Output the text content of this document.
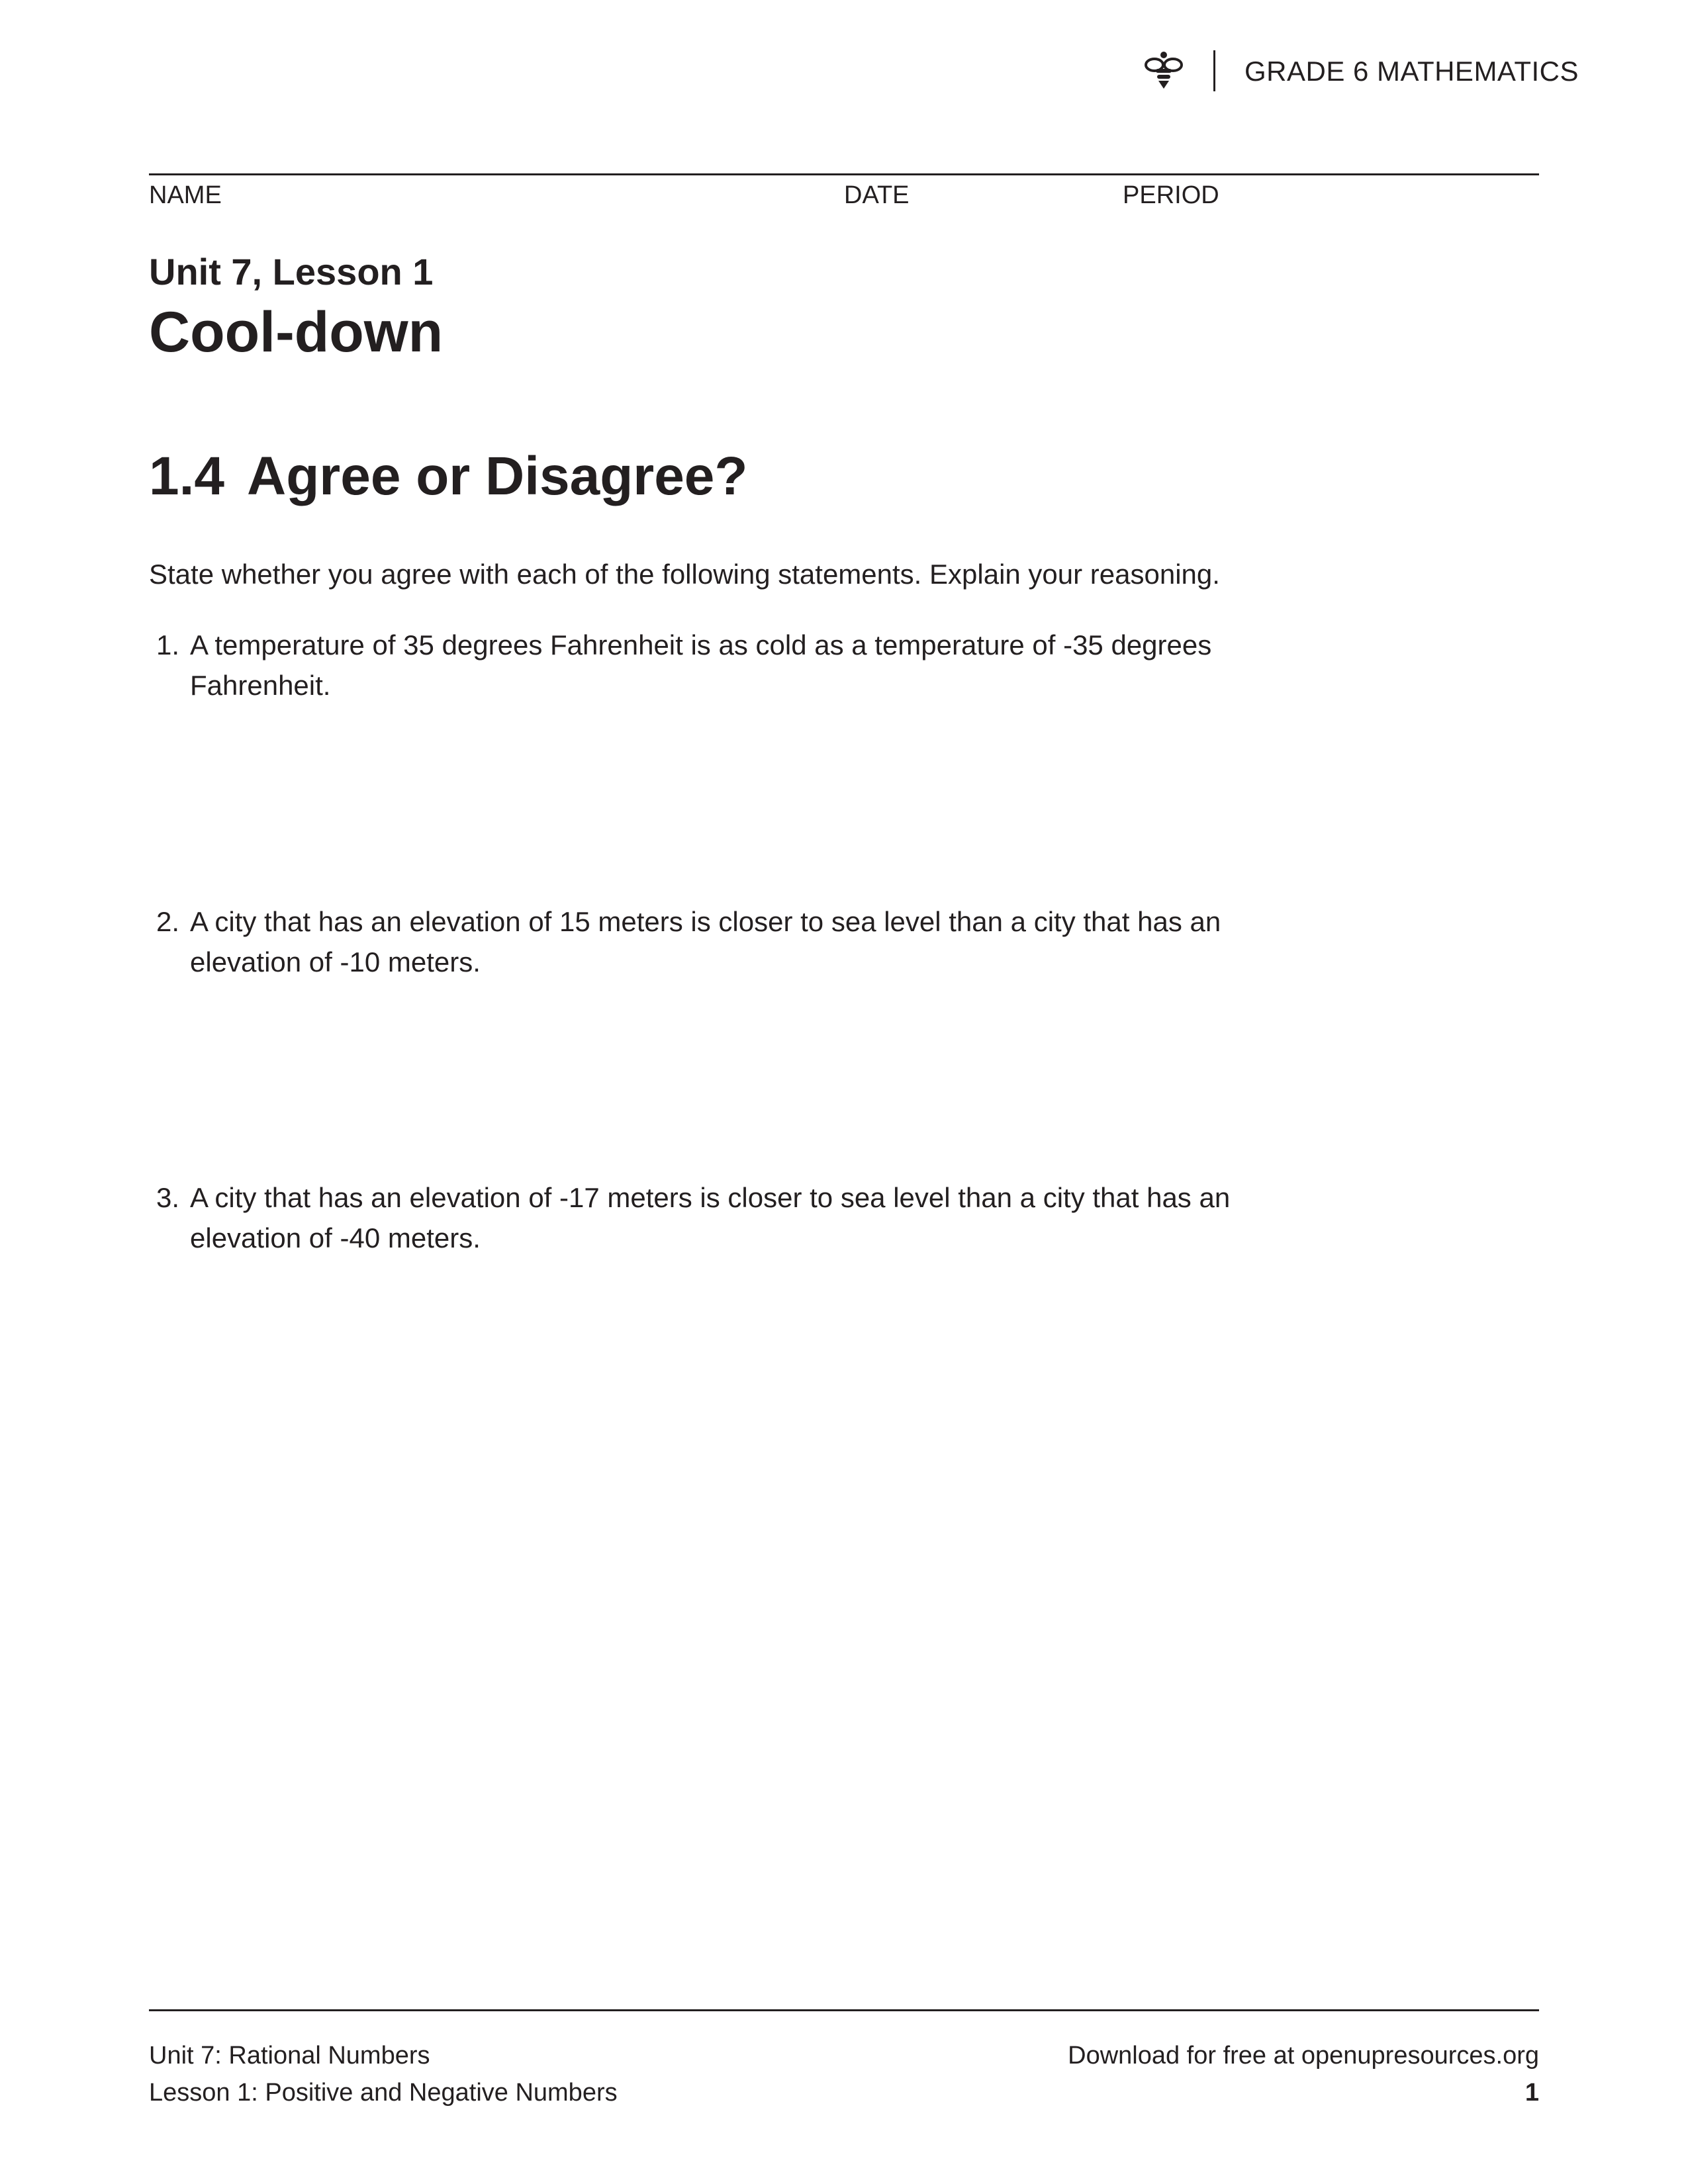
GRADE 6 MATHEMATICS
NAME	DATE	PERIOD
Unit 7, Lesson 1
Cool-down
1.4 Agree or Disagree?
State whether you agree with each of the following statements. Explain your reasoning.
1. A temperature of 35 degrees Fahrenheit is as cold as a temperature of -35 degrees Fahrenheit.
2. A city that has an elevation of 15 meters is closer to sea level than a city that has an elevation of -10 meters.
3. A city that has an elevation of -17 meters is closer to sea level than a city that has an elevation of -40 meters.
Unit 7: Rational Numbers
Lesson 1: Positive and Negative Numbers
Download for free at openupresources.org
1
